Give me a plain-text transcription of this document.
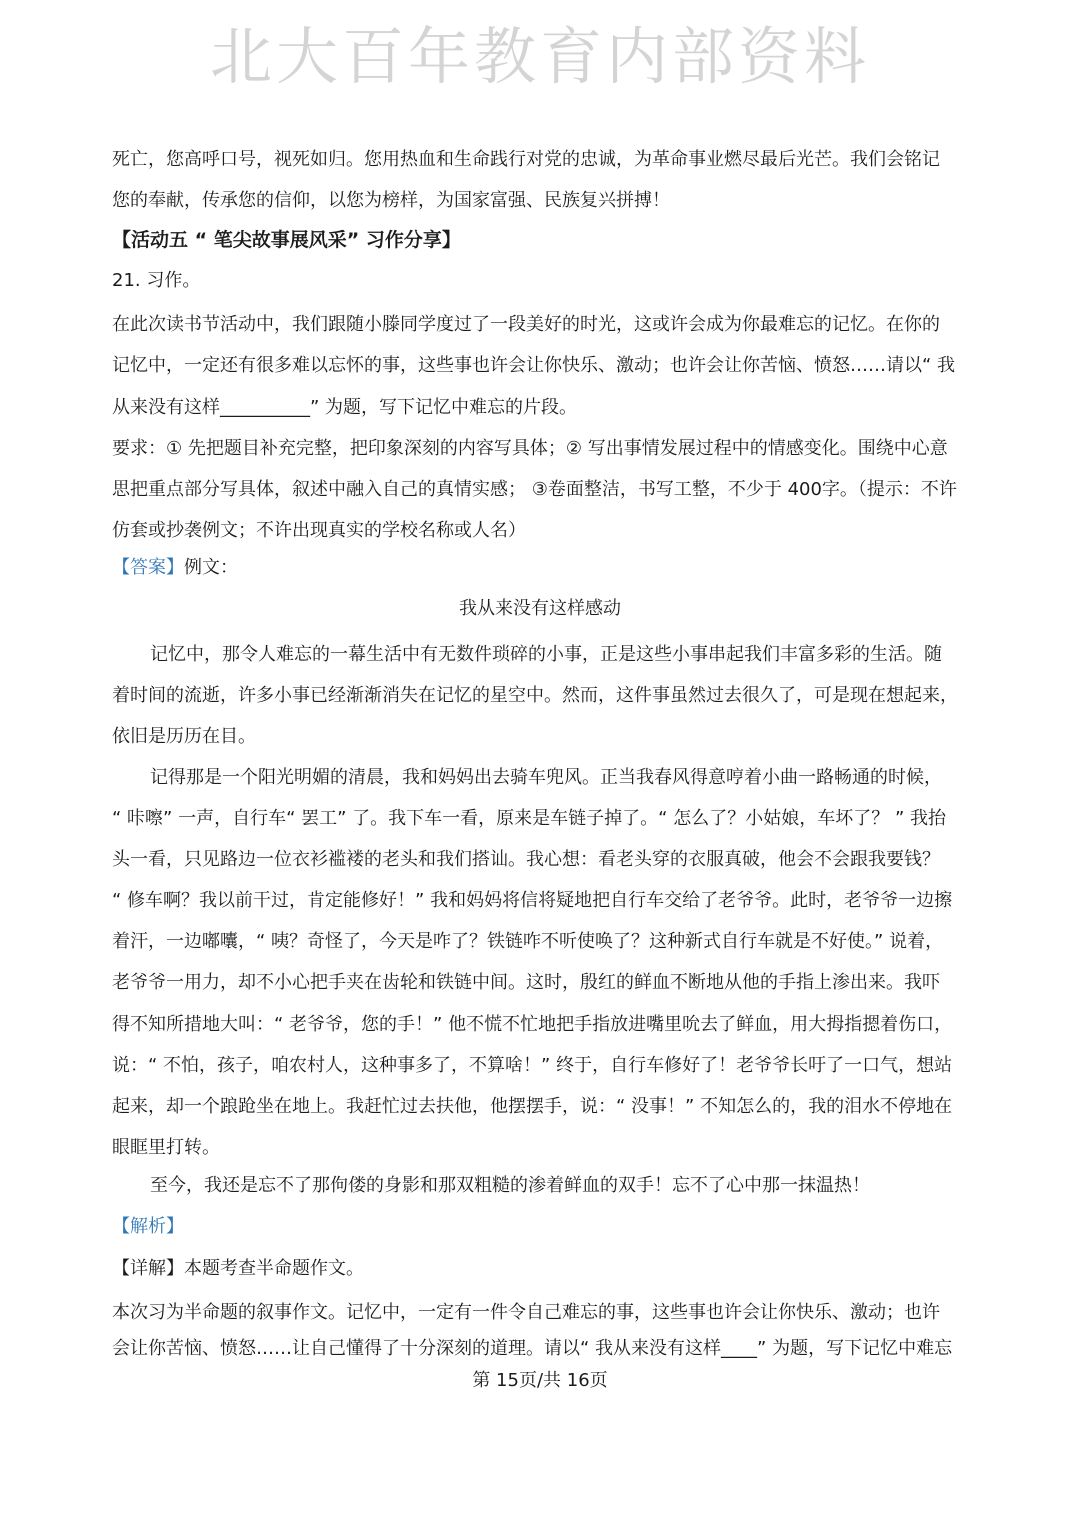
北大百年教育内部资料
死亡，您高呼口号，视死如归。您用热血和生命践行对党的忠诚，为革命事业燃尽最后光芒。我们会铭记
您的奉献，传承您的信仰，以您为榜样，为国家富强、民族复兴拼搏！
【活动五 “ 笔尖故事展风采” 习作分享】
21. 习作。
在此次读书节活动中，我们跟随小滕同学度过了一段美好的时光，这或许会成为你最难忘的记忆。在你的
记忆中，一定还有很多难以忘怀的事，这些事也许会让你快乐、激动；也许会让你苦恼、愤怒……请以“ 我
从来没有这样__________” 为题，写下记忆中难忘的片段。
要求：① 先把题目补充完整，把印象深刻的内容写具体；② 写出事情发展过程中的情感变化。围绕中心意
思把重点部分写具体，叙述中融入自己的真情实感； ③卷面整洁，书写工整，不少于 400字。（提示：不许
仿套或抄袭例文；不许出现真实的学校名称或人名）
【答案】例文：
我从来没有这样感动
记忆中，那令人难忘的一幕生活中有无数件琐碎的小事，正是这些小事串起我们丰富多彩的生活。随
着时间的流逝，许多小事已经渐渐消失在记忆的星空中。然而，这件事虽然过去很久了，可是现在想起来，
依旧是历历在目。
记得那是一个阳光明媚的清晨，我和妈妈出去骑车兜风。正当我春风得意哼着小曲一路畅通的时候，
“ 咔嚓” 一声，自行车“ 罢工” 了。我下车一看，原来是车链子掉了。“ 怎么了？小姑娘，车坏了？ ” 我抬
头一看，只见路边一位衣衫褴褛的老头和我们搭讪。我心想：看老头穿的衣服真破，他会不会跟我要钱？
“ 修车啊？我以前干过，肯定能修好！” 我和妈妈将信将疑地把自行车交给了老爷爷。此时，老爷爷一边擦
着汗，一边嘟囔，“ 咦？奇怪了，今天是咋了？铁链咋不听使唤了？这种新式自行车就是不好使。” 说着，
老爷爷一用力，却不小心把手夹在齿轮和铁链中间。这时，殷红的鲜血不断地从他的手指上渗出来。我吓
得不知所措地大叫：“ 老爷爷，您的手！” 他不慌不忙地把手指放进嘴里吮去了鲜血，用大拇指摁着伤口，
说：“ 不怕，孩子，咱农村人，这种事多了，不算啥！” 终于，自行车修好了！老爷爷长吁了一口气，想站
起来，却一个踉跄坐在地上。我赶忙过去扶他，他摆摆手，说：“ 没事！” 不知怎么的，我的泪水不停地在
眼眶里打转。
至今，我还是忘不了那佝偻的身影和那双粗糙的渗着鲜血的双手！忘不了心中那一抹温热！
【解析】
【详解】本题考查半命题作文。
本次习为半命题的叙事作文。记忆中，一定有一件令自己难忘的事，这些事也许会让你快乐、激动；也许
会让你苦恼、愤怒……让自己懂得了十分深刻的道理。请以“ 我从来没有这样____” 为题，写下记忆中难忘
第 15页/共 16页
